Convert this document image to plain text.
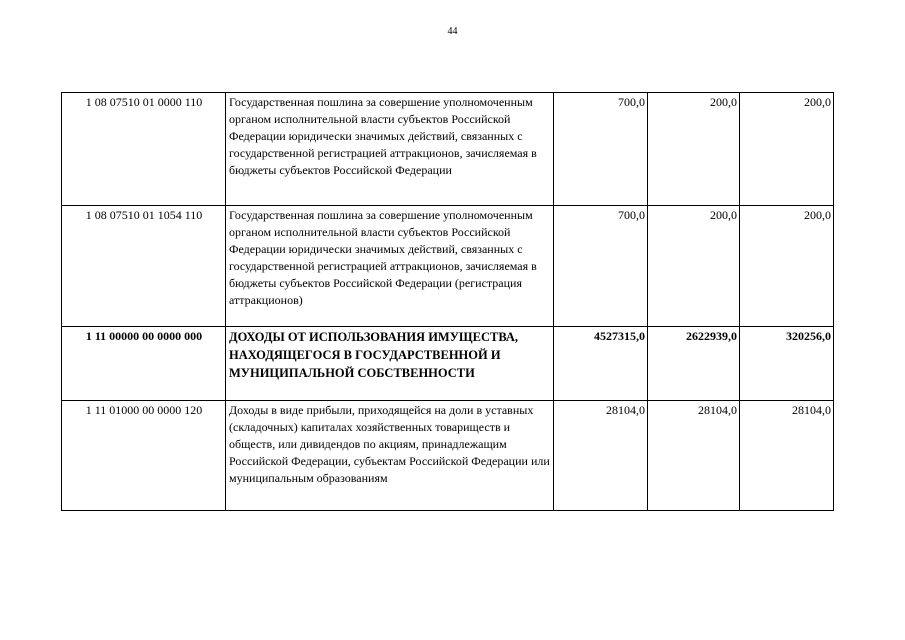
44
1 08 07510 01 0000 110	Государственная пошлина за совершение уполномоченным органом исполнительной власти субъектов Российской Федерации юридически значимых действий, связанных с государственной регистрацией аттракционов, зачисляемая в бюджеты субъектов Российской Федерации	700,0	200,0	200,0
1 08 07510 01 1054 110	Государственная пошлина за совершение уполномоченным органом исполнительной власти субъектов Российской Федерации юридически значимых действий, связанных с государственной регистрацией аттракционов, зачисляемая в бюджеты субъектов Российской Федерации (регистрация аттракционов)	700,0	200,0	200,0
1 11 00000 00 0000 000	ДОХОДЫ ОТ ИСПОЛЬЗОВАНИЯ ИМУЩЕСТВА, НАХОДЯЩЕГОСЯ В ГОСУДАРСТВЕННОЙ И МУНИЦИПАЛЬНОЙ СОБСТВЕННОСТИ	4527315,0	2622939,0	320256,0
1 11 01000 00 0000 120	Доходы в виде прибыли, приходящейся на доли в уставных (складочных) капиталах хозяйственных товариществ и обществ, или дивидендов по акциям, принадлежащим Российской Федерации, субъектам Российской Федерации или муниципальным образованиям	28104,0	28104,0	28104,0
